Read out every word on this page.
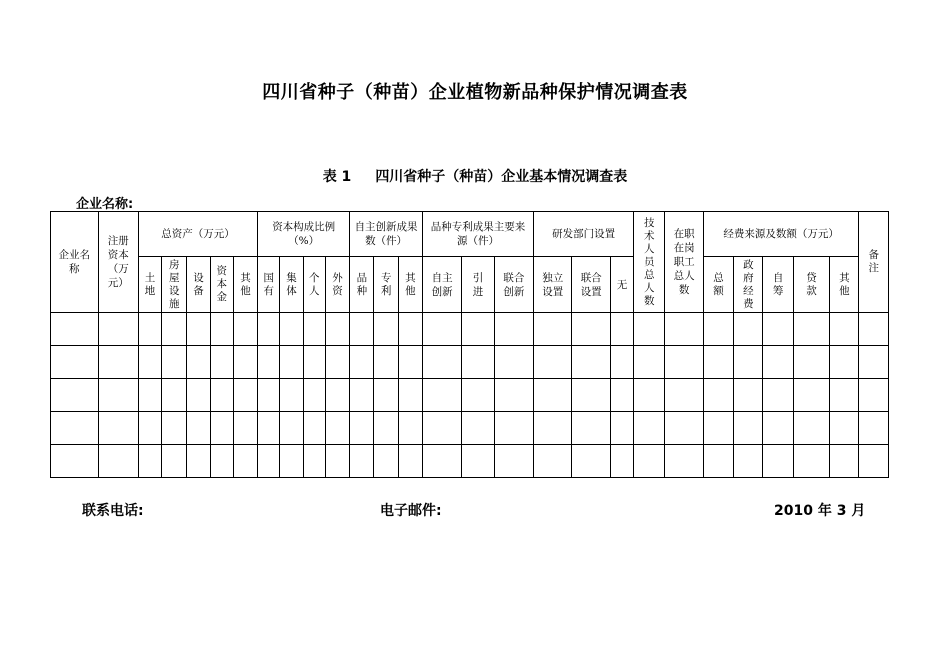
四川省种子（种苗）企业植物新品种保护情况调查表
表 1 四川省种子（种苗）企业基本情况调查表
企业名称:
企业名称	注册资本（万元）	总资产（万元）					资本构成比例（%）				自主创新成果数（件）			品种专利成果主要来源（件）			研发部门设置			技术人员总人数	在职在岗职工总人数	经费来源及数额（万元）					备注
		土地	房屋设施	设备	资本金	其他	国有	集体	个人	外资	品种	专利	其他	自主创新	引进	联合创新	独立设置	联合设置	无			总额	政府经费	自筹	贷款	其他	

联系电话:	电子邮件:	2010 年 3 月
